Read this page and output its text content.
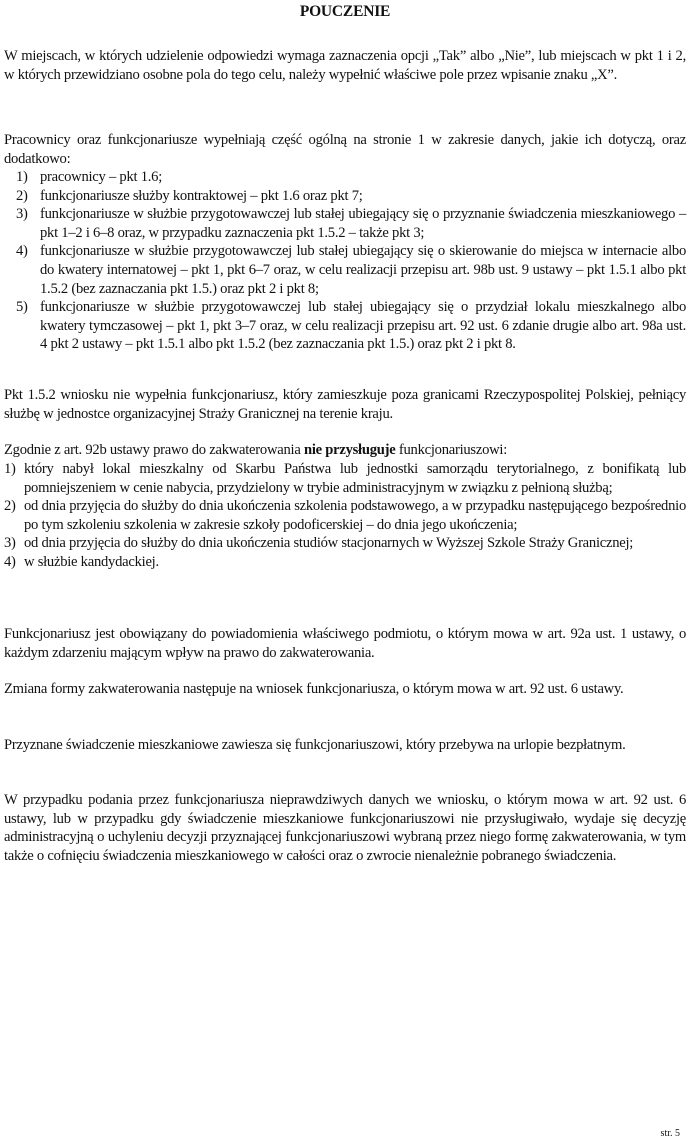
POUCZENIE

W miejscach, w których udzielenie odpowiedzi wymaga zaznaczenia opcji „Tak” albo „Nie”, lub miejscach w pkt 1 i 2, w których przewidziano osobne pola do tego celu, należy wypełnić właściwe pole przez wpisanie znaku „X”.

Pracownicy oraz funkcjonariusze wypełniają część ogólną na stronie 1 w zakresie danych, jakie ich dotyczą, oraz dodatkowo:

1) pracownicy – pkt 1.6;
2) funkcjonariusze służby kontraktowej – pkt 1.6 oraz pkt 7;
3) funkcjonariusze w służbie przygotowawczej lub stałej ubiegający się o przyznanie świadczenia mieszkaniowego – pkt 1–2 i 6–8 oraz, w przypadku zaznaczenia pkt 1.5.2 – także pkt 3;
4) funkcjonariusze w służbie przygotowawczej lub stałej ubiegający się o skierowanie do miejsca w internacie albo do kwatery internatowej – pkt 1, pkt 6–7 oraz, w celu realizacji przepisu art. 98b ust. 9 ustawy – pkt 1.5.1 albo pkt 1.5.2 (bez zaznaczania pkt 1.5.) oraz pkt 2 i pkt 8;
5) funkcjonariusze w służbie przygotowawczej lub stałej ubiegający się o przydział lokalu mieszkalnego albo kwatery tymczasowej – pkt 1, pkt 3–7 oraz, w celu realizacji przepisu art. 92 ust. 6 zdanie drugie albo art. 98a ust. 4 pkt 2 ustawy – pkt 1.5.1 albo pkt 1.5.2 (bez zaznaczania pkt 1.5.) oraz pkt 2 i pkt 8.

Pkt 1.5.2 wniosku nie wypełnia funkcjonariusz, który zamieszkuje poza granicami Rzeczypospolitej Polskiej, pełniący służbę w jednostce organizacyjnej Straży Granicznej na terenie kraju.

Zgodnie z art. 92b ustawy prawo do zakwaterowania nie przysługuje funkcjonariuszowi:

1) który nabył lokal mieszkalny od Skarbu Państwa lub jednostki samorządu terytorialnego, z bonifikatą lub pomniejszeniem w cenie nabycia, przydzielony w trybie administracyjnym w związku z pełnioną służbą;
2) od dnia przyjęcia do służby do dnia ukończenia szkolenia podstawowego, a w przypadku następującego bezpośrednio po tym szkoleniu szkolenia w zakresie szkoły podoficerskiej – do dnia jego ukończenia;
3) od dnia przyjęcia do służby do dnia ukończenia studiów stacjonarnych w Wyższej Szkole Straży Granicznej;
4) w służbie kandydackiej.

Funkcjonariusz jest obowiązany do powiadomienia właściwego podmiotu, o którym mowa w art. 92a ust. 1 ustawy, o każdym zdarzeniu mającym wpływ na prawo do zakwaterowania.

Zmiana formy zakwaterowania następuje na wniosek funkcjonariusza, o którym mowa w art. 92 ust. 6 ustawy.

Przyznane świadczenie mieszkaniowe zawiesza się funkcjonariuszowi, który przebywa na urlopie bezpłatnym.

W przypadku podania przez funkcjonariusza nieprawdziwych danych we wniosku, o którym mowa w art. 92 ust. 6 ustawy, lub w przypadku gdy świadczenie mieszkaniowe funkcjonariuszowi nie przysługiwało, wydaje się decyzję administracyjną o uchyleniu decyzji przyznającej funkcjonariuszowi wybraną przez niego formę zakwaterowania, w tym także o cofnięciu świadczenia mieszkaniowego w całości oraz o zwrocie nienależnie pobranego świadczenia.

str. 5
